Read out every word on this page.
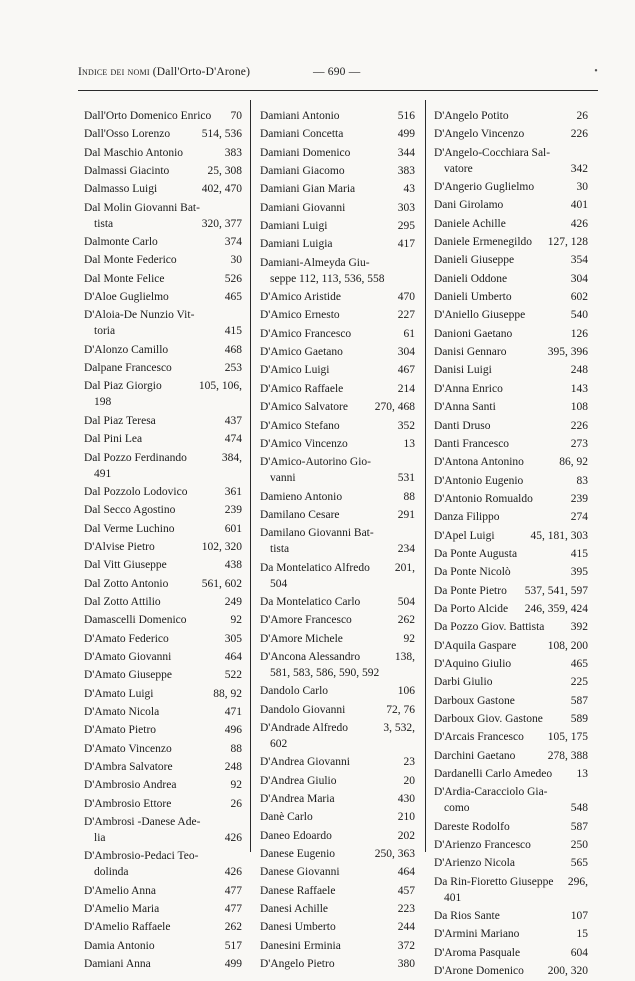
Indice dei nomi (Dall'Orto-D'Arone)	— 690 —	•
Dall'Orto Domenico Enrico 70
Dall'Osso Lorenzo	514, 536
Dal Maschio Antonio	383
Dalmassi Giacinto	25, 308
Dalmasso Luigi	402, 470
Dal Molin Giovanni Bat-
tista	320, 377
Dalmonte Carlo	374
Dal Monte Federico	30
Dal Monte Felice	526
D'Aloe Guglielmo	465
D'Aloia-De Nunzio Vit-
toria	415
D'Alonzo Camillo	468
Dalpane Francesco	253
Dal Piaz Giorgio	105, 106,
198
Dal Piaz Teresa	437
Dal Pini Lea	474
Dal Pozzo Ferdinando	384,
491
Dal Pozzolo Lodovico	361
Dal Secco Agostino	239
Dal Verme Luchino	601
D'Alvise Pietro	102, 320
Dal Vitt Giuseppe	438
Dal Zotto Antonio	561, 602
Dal Zotto Attilio	249
Damascelli Domenico	92
D'Amato Federico	305
D'Amato Giovanni	464
D'Amato Giuseppe	522
D'Amato Luigi	88, 92
D'Amato Nicola	471
D'Amato Pietro	496
D'Amato Vincenzo	88
D'Ambra Salvatore	248
D'Ambrosio Andrea	92
D'Ambrosio Ettore	26
D'Ambrosi -Danese Ade-
lia	426
D'Ambrosio-Pedaci Teo-
dolinda	426
D'Amelio Anna	477
D'Amelio Maria	477
D'Amelio Raffaele	262
Damia Antonio	517
Damiani Anna	499
Damiani Antonio	516
Damiani Concetta	499
Damiani Domenico	344
Damiani Giacomo	383
Damiani Gian Maria	43
Damiani Giovanni	303
Damiani Luigi	295
Damiani Luigia	417
Damiani-Almeyda Giu-
seppe 112, 113, 536, 558
D'Amico Aristide	470
D'Amico Ernesto	227
D'Amico Francesco	61
D'Amico Gaetano	304
D'Amico Luigi	467
D'Amico Raffaele	214
D'Amico Salvatore 270, 468
D'Amico Stefano	352
D'Amico Vincenzo	13
D'Amico-Autorino Gio-
vanni	531
Damieno Antonio	88
Damilano Cesare	291
Damilano Giovanni Bat-
tista	234
Da Montelatico Alfredo 201,
504
Da Montelatico Carlo	504
D'Amore Francesco	262
D'Amore Michele	92
D'Ancona Alessandro	138,
581, 583, 586, 590, 592
Dandolo Carlo	106
Dandolo Giovanni	72, 76
D'Andrade Alfredo	3, 532,
602
D'Andrea Giovanni	23
D'Andrea Giulio	20
D'Andrea Maria	430
Danè Carlo	210
Daneo Edoardo	202
Danese Eugenio	250, 363
Danese Giovanni	464
Danese Raffaele	457
Danesi Achille	223
Danesi Umberto	244
Danesini Erminia	372
D'Angelo Pietro	380
D'Angelo Potito	26
D'Angelo Vincenzo	226
D'Angelo-Cocchiara Sal-
vatore	342
D'Angerio Guglielmo	30
Dani Girolamo	401
Daniele Achille	426
Daniele Ermenegildo 127, 128
Danieli Giuseppe	354
Danieli Oddone	304
Danieli Umberto	602
D'Aniello Giuseppe	540
Danioni Gaetano	126
Danisi Gennaro	395, 396
Danisi Luigi	248
D'Anna Enrico	143
D'Anna Santi	108
Danti Druso	226
Danti Francesco	273
D'Antona Antonino	86, 92
D'Antonio Eugenio	83
D'Antonio Romualdo	239
Danza Filippo	274
D'Apel Luigi	45, 181, 303
Da Ponte Augusta	415
Da Ponte Nicolò	395
Da Ponte Pietro 537, 541, 597
Da Porto Alcide 246, 359, 424
Da Pozzo Giov. Battista 392
D'Aquila Gaspare	108, 200
D'Aquino Giulio	465
Darbi Giulio	225
Darboux Gastone	587
Darboux Giov. Gastone 589
D'Arcais Francesco 105, 175
Darchini Gaetano	278, 388
Dardanelli Carlo Amedeo 13
D'Ardia-Caracciolo Gia-
como	548
Dareste Rodolfo	587
D'Arienzo Francesco	250
D'Arienzo Nicola	565
Da Rin-Fioretto Giuseppe 296,
401
Da Rios Sante	107
D'Armini Mariano	15
D'Aroma Pasquale	604
D'Arone Domenico 200, 320
